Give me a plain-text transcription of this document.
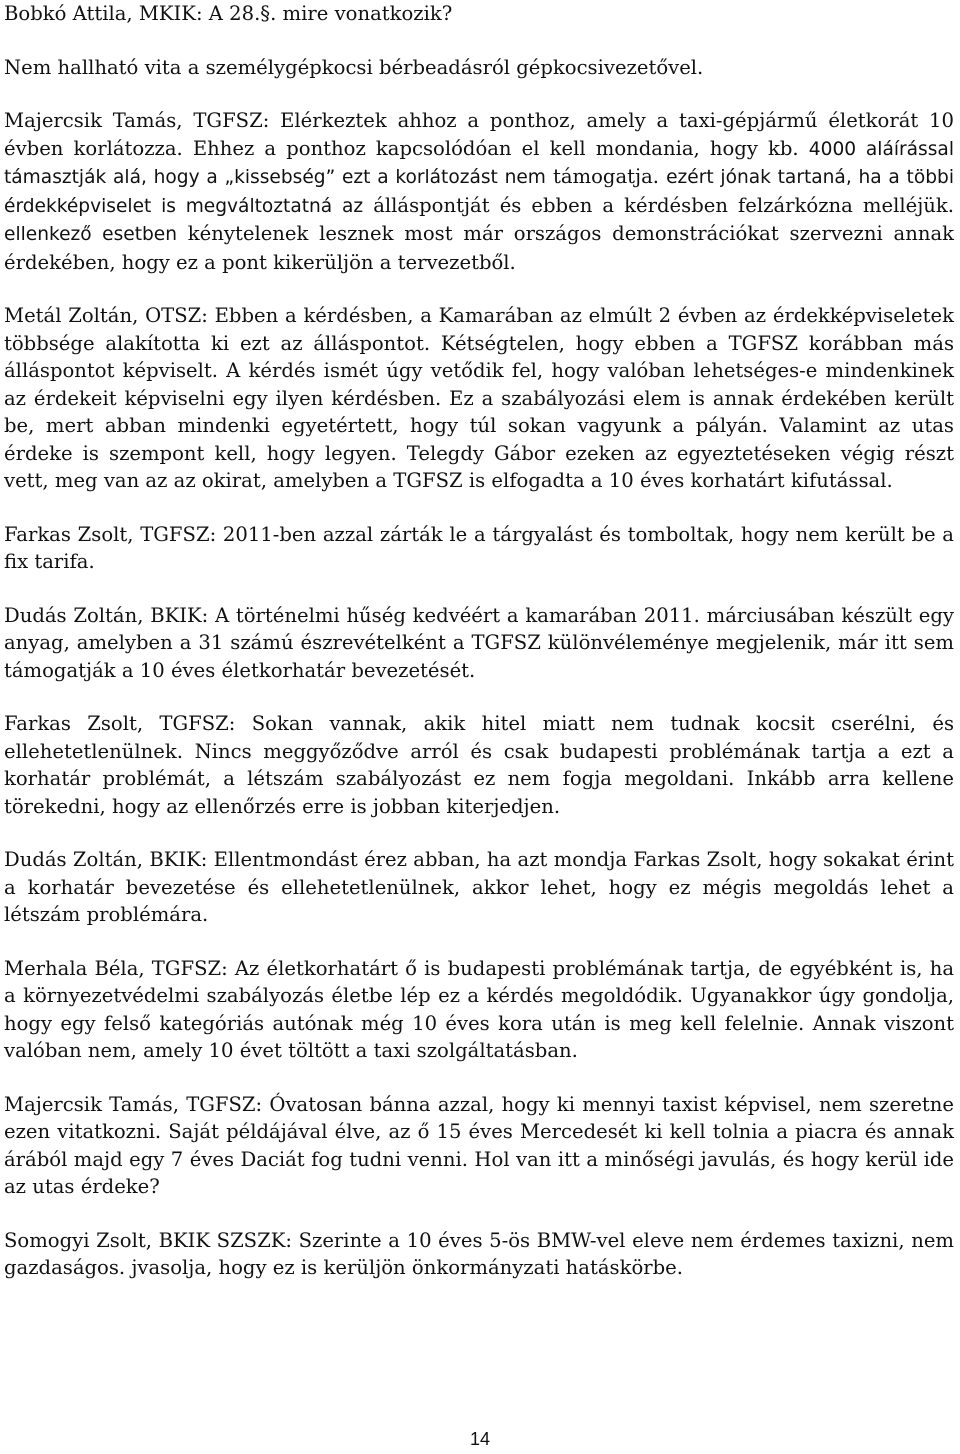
Bobkó Attila, MKIK: A 28.§. mire vonatkozik?

Nem hallható vita a személygépkocsi bérbeadásról gépkocsivezetővel.

Majercsik Tamás, TGFSZ: Elérkeztek ahhoz a ponthoz, amely a taxi-gépjármű életkorát 10 évben korlátozza. Ehhez a ponthoz kapcsolódóan el kell mondania, hogy kb. 4000 aláírással támasztják alá, hogy a „kissebség” ezt a korlátozást nem támogatja. ezért jónak tartaná, ha a többi érdekképviselet is megváltoztatná az álláspontját és ebben a kérdésben felzárkózna melléjük. ellenkező esetben kénytelenek lesznek most már országos demonstrációkat szervezni annak érdekében, hogy ez a pont kikerüljön a tervezetből.

Metál Zoltán, OTSZ: Ebben a kérdésben, a Kamarában az elmúlt 2 évben az érdekképviseletek többsége alakította ki ezt az álláspontot. Kétségtelen, hogy ebben a TGFSZ korábban más álláspontot képviselt. A kérdés ismét úgy vetődik fel, hogy valóban lehetséges-e mindenkinek az érdekeit képviselni egy ilyen kérdésben. Ez a szabályozási elem is annak érdekében került be, mert abban mindenki egyetértett, hogy túl sokan vagyunk a pályán. Valamint az utas érdeke is szempont kell, hogy legyen. Telegdy Gábor ezeken az egyeztetéseken végig részt vett, meg van az az okirat, amelyben a TGFSZ is elfogadta a 10 éves korhatárt kifutással.

Farkas Zsolt, TGFSZ: 2011-ben azzal zárták le a tárgyalást és tomboltak, hogy nem került be a fix tarifa.

Dudás Zoltán, BKIK: A történelmi hűség kedvéért a kamarában 2011. márciusában készült egy anyag, amelyben a 31 számú észrevételként a TGFSZ különvéleménye megjelenik, már itt sem támogatják a 10 éves életkorhatár bevezetését.

Farkas Zsolt, TGFSZ: Sokan vannak, akik hitel miatt nem tudnak kocsit cserélni, és ellehetetlenülnek. Nincs meggyőződve arról és csak budapesti problémának tartja a ezt a korhatár problémát, a létszám szabályozást ez nem fogja megoldani. Inkább arra kellene törekedni, hogy az ellenőrzés erre is jobban kiterjedjen.

Dudás Zoltán, BKIK: Ellentmondást érez abban, ha azt mondja Farkas Zsolt, hogy sokakat érint a korhatár bevezetése és ellehetetlenülnek, akkor lehet, hogy ez mégis megoldás lehet a létszám problémára.

Merhala Béla, TGFSZ: Az életkorhatárt ő is budapesti problémának tartja, de egyébként is, ha a környezetvédelmi szabályozás életbe lép ez a kérdés megoldódik. Ugyanakkor úgy gondolja, hogy egy felső kategóriás autónak még 10 éves kora után is meg kell felelnie. Annak viszont valóban nem, amely 10 évet töltött a taxi szolgáltatásban.

Majercsik Tamás, TGFSZ: Óvatosan bánna azzal, hogy ki mennyi taxist képvisel, nem szeretne ezen vitatkozni. Saját példájával élve, az ő 15 éves Mercedesét ki kell tolnia a piacra és annak árából majd egy 7 éves Daciát fog tudni venni. Hol van itt a minőségi javulás, és hogy kerül ide az utas érdeke?

Somogyi Zsolt, BKIK SZSZK: Szerinte a 10 éves 5-ös BMW-vel eleve nem érdemes taxizni, nem gazdaságos. jvasolja, hogy ez is kerüljön önkormányzati hatáskörbe.

14
